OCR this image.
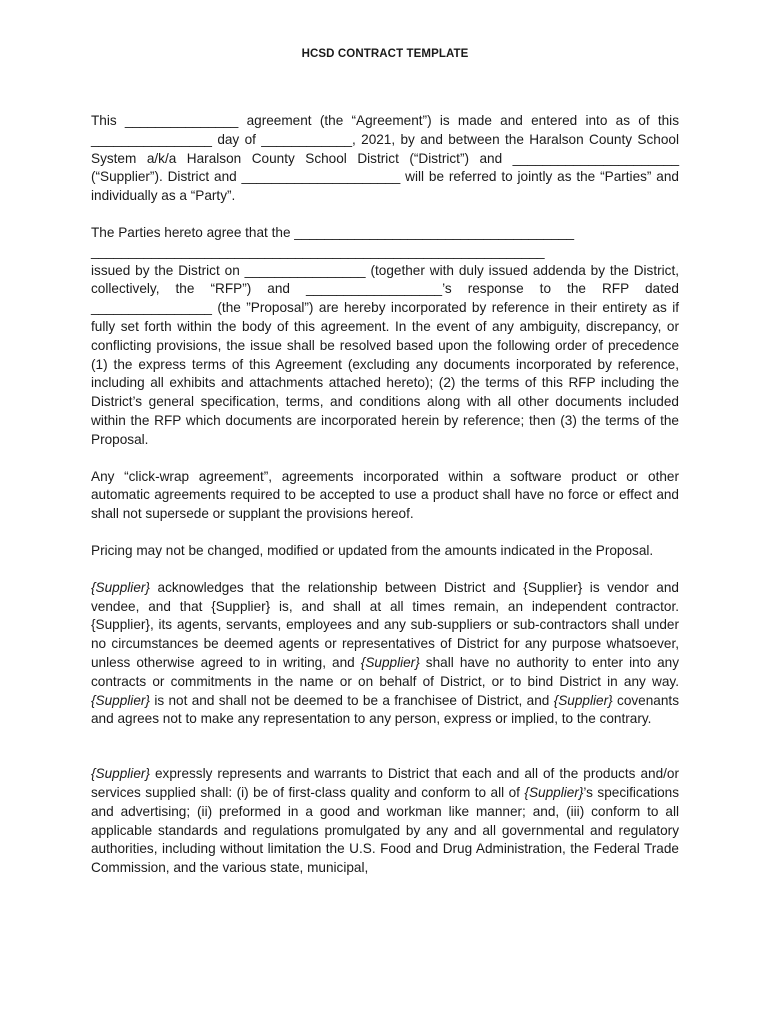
HCSD CONTRACT TEMPLATE

This _______________ agreement (the “Agreement”) is made and entered into as of this ________________ day of ____________, 2021, by and between the Haralson County School System a/k/a Haralson County School District (“District”) and ______________________ (“Supplier”). District and _____________________ will be referred to jointly as the “Parties” and individually as a “Party”.

The Parties hereto agree that the _____________________________________
____________________________________________________________
issued by the District on ________________ (together with duly issued addenda by the District, collectively, the “RFP”) and __________________’s response to the RFP dated ________________ (the ”Proposal”) are hereby incorporated by reference in their entirety as if fully set forth within the body of this agreement. In the event of any ambiguity, discrepancy, or conflicting provisions, the issue shall be resolved based upon the following order of precedence (1) the express terms of this Agreement (excluding any documents incorporated by reference, including all exhibits and attachments attached hereto); (2) the terms of this RFP including the District’s general specification, terms, and conditions along with all other documents included within the RFP which documents are incorporated herein by reference; then (3) the terms of the Proposal.

Any “click-wrap agreement”, agreements incorporated within a software product or other automatic agreements required to be accepted to use a product shall have no force or effect and shall not supersede or supplant the provisions hereof.

Pricing may not be changed, modified or updated from the amounts indicated in the Proposal.

{Supplier} acknowledges that the relationship between District and {Supplier} is vendor and vendee, and that {Supplier} is, and shall at all times remain, an independent contractor. {Supplier}, its agents, servants, employees and any sub-suppliers or sub-contractors shall under no circumstances be deemed agents or representatives of District for any purpose whatsoever, unless otherwise agreed to in writing, and {Supplier} shall have no authority to enter into any contracts or commitments in the name or on behalf of District, or to bind District in any way. {Supplier} is not and shall not be deemed to be a franchisee of District, and {Supplier} covenants and agrees not to make any representation to any person, express or implied, to the contrary.

{Supplier} expressly represents and warrants to District that each and all of the products and/or services supplied shall: (i) be of first-class quality and conform to all of {Supplier}’s specifications and advertising; (ii) preformed in a good and workman like manner; and, (iii) conform to all applicable standards and regulations promulgated by any and all governmental and regulatory authorities, including without limitation the U.S. Food and Drug Administration, the Federal Trade Commission, and the various state, municipal,
